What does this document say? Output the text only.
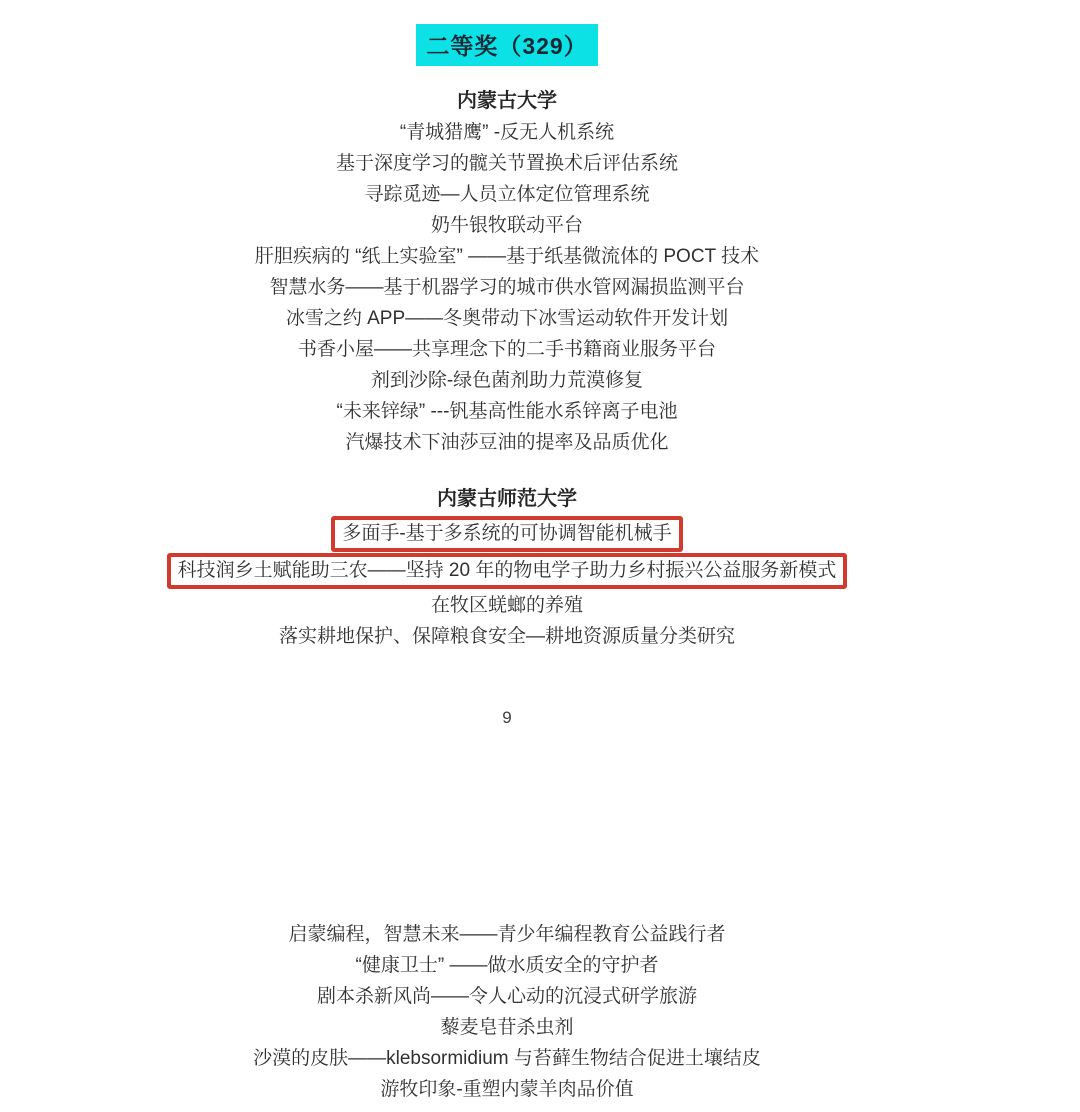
二等奖（329）
内蒙古大学
“青城猎鹰” -反无人机系统
基于深度学习的髋关节置换术后评估系统
寻踪觅迹—人员立体定位管理系统
奶牛银牧联动平台
肝胆疾病的 “纸上实验室” ——基于纸基微流体的 POCT 技术
智慧水务——基于机器学习的城市供水管网漏损监测平台
冰雪之约 APP——冬奥带动下冰雪运动软件开发计划
书香小屋——共享理念下的二手书籍商业服务平台
剂到沙除-绿色菌剂助力荒漠修复
“未来锌绿” ---钒基高性能水系锌离子电池
汽爆技术下油莎豆油的提率及品质优化
内蒙古师范大学
多面手-基于多系统的可协调智能机械手
科技润乡土赋能助三农——坚持 20 年的物电学子助力乡村振兴公益服务新模式
在牧区蜣螂的养殖
落实耕地保护、保障粮食安全—耕地资源质量分类研究
9
启蒙编程，智慧未来——青少年编程教育公益践行者
“健康卫士” ——做水质安全的守护者
剧本杀新风尚——令人心动的沉浸式研学旅游
藜麦皂苷杀虫剂
沙漠的皮肤——klebsormidium 与苔藓生物结合促进土壤结皮
游牧印象-重塑内蒙羊肉品价值
